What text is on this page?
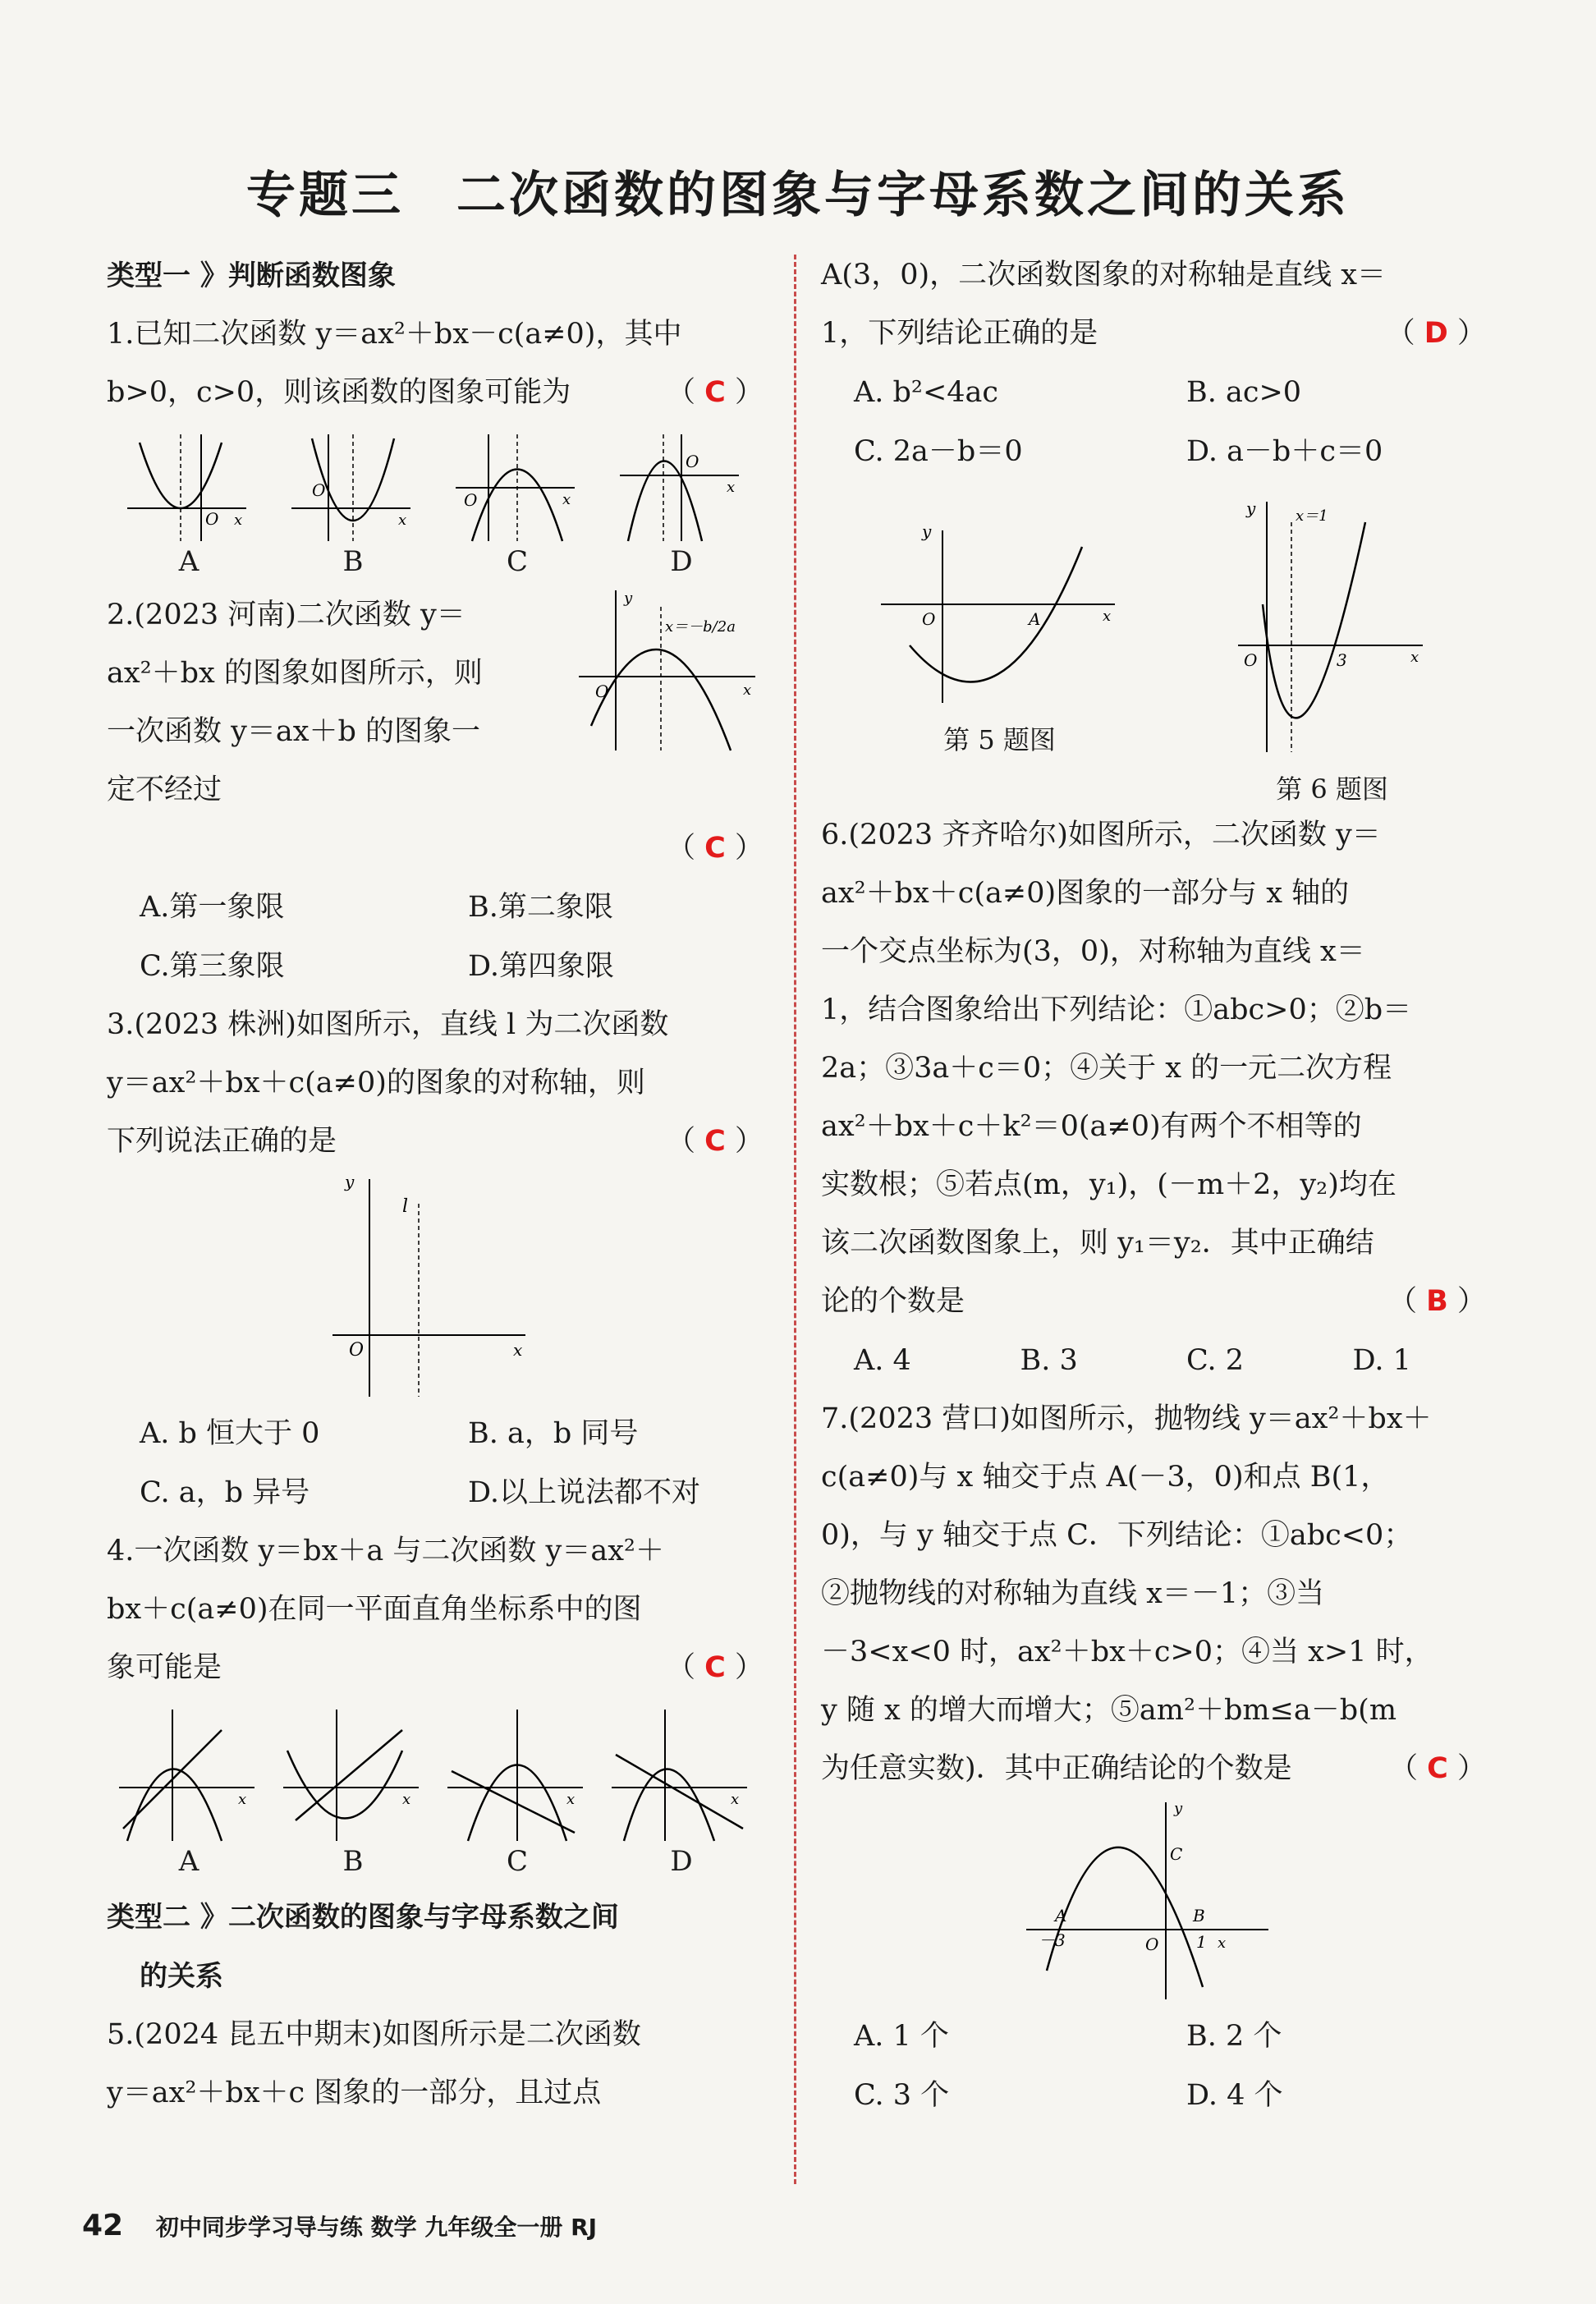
专题三　二次函数的图象与字母系数之间的关系
类型一 》判断函数图象
1.已知二次函数 y＝ax²＋bx－c(a≠0)，其中
b>0，c>0，则该函数的图象可能为	（ C ）
O x
A
O
x
B
O	x
C
O
x
D
2.(2023 河南)二次函数 y＝
ax²＋bx 的图象如图所示，则
一次函数 y＝ax＋b 的图象一
定不经过
O	x
y
x＝－b/2a
（ C ）
A.第一象限	B.第二象限
C.第三象限	D.第四象限
3.(2023 株洲)如图所示，直线 l 为二次函数
y＝ax²＋bx＋c(a≠0)的图象的对称轴，则
下列说法正确的是	（ C ）
y
l
O	x
A. b 恒大于 0	B. a，b 同号
C. a，b 异号	D.以上说法都不对
4.一次函数 y＝bx＋a 与二次函数 y＝ax²＋
bx＋c(a≠0)在同一平面直角坐标系中的图
象可能是	（ C ）
x
A
x
B
x
C
x
D
类型二 》二次函数的图象与字母系数之间
的关系
5.(2024 昆五中期末)如图所示是二次函数
y＝ax²＋bx＋c 图象的一部分，且过点
A(3，0)，二次函数图象的对称轴是直线 x＝
1，下列结论正确的是	（ D ）
A. b²<4ac	B. ac>0
C. 2a－b＝0	D. a－b＋c＝0
y
O	A	x
第 5 题图
y	x＝1
O	3	x
第 6 题图
6.(2023 齐齐哈尔)如图所示，二次函数 y＝
ax²＋bx＋c(a≠0)图象的一部分与 x 轴的
一个交点坐标为(3，0)，对称轴为直线 x＝
1，结合图象给出下列结论：①abc>0；②b＝
2a；③3a＋c＝0；④关于 x 的一元二次方程
ax²＋bx＋c＋k²＝0(a≠0)有两个不相等的
实数根；⑤若点(m，y₁)，(－m＋2，y₂)均在
该二次函数图象上，则 y₁＝y₂．其中正确结
论的个数是	（ B ）
A. 4	B. 3	C. 2	D. 1
7.(2023 营口)如图所示，抛物线 y＝ax²＋bx＋
c(a≠0)与 x 轴交于点 A(－3，0)和点 B(1，
0)，与 y 轴交于点 C．下列结论：①abc<0；
②抛物线的对称轴为直线 x＝－1；③当
－3<x<0 时，ax²＋bx＋c>0；④当 x>1 时，
y 随 x 的增大而增大；⑤am²＋bm≤a－b(m
为任意实数)．其中正确结论的个数是	（ C ）
y
C
A
－3	O
B
1 x
A. 1 个	B. 2 个
C. 3 个	D. 4 个
42 初中同步学习导与练 数学 九年级全一册 RJ
